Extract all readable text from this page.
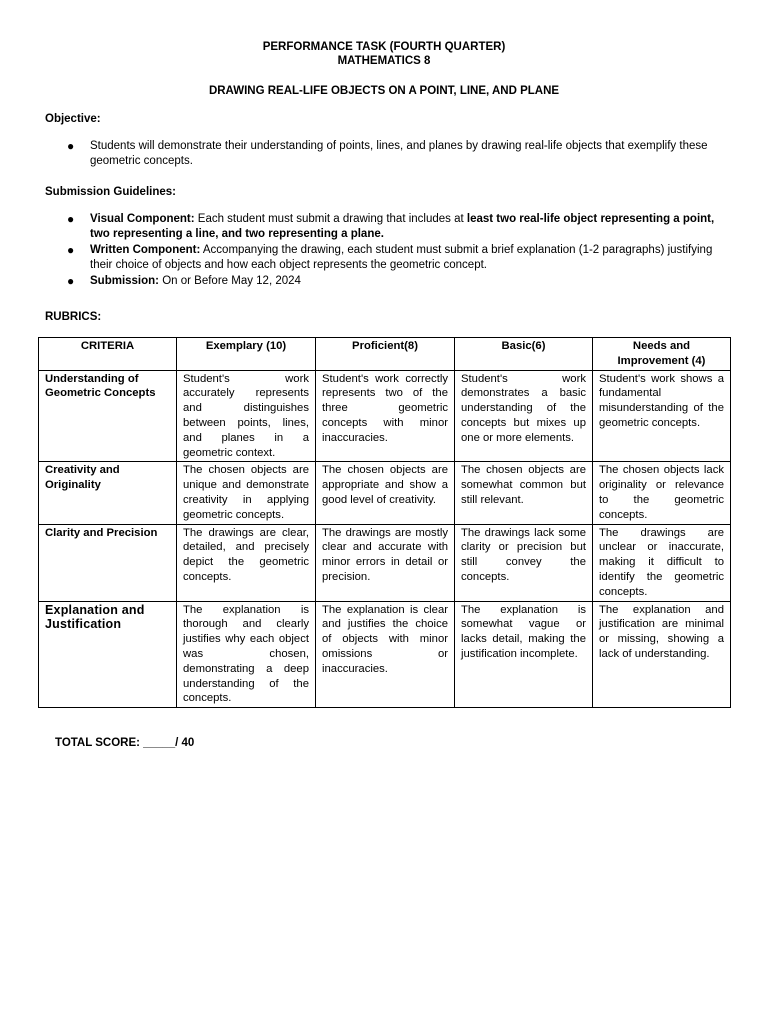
PERFORMANCE TASK (FOURTH QUARTER)
MATHEMATICS 8
DRAWING REAL-LIFE OBJECTS ON A POINT, LINE, AND PLANE
Objective:
● Students will demonstrate their understanding of points, lines, and planes by drawing real-life objects that exemplify these geometric concepts.
Submission Guidelines:
● Visual Component: Each student must submit a drawing that includes at least two real-life object representing a point, two representing a line, and two representing a plane.
● Written Component: Accompanying the drawing, each student must submit a brief explanation (1-2 paragraphs) justifying their choice of objects and how each object represents the geometric concept.
● Submission: On or Before May 12, 2024
RUBRICS:
CRITERIA	Exemplary (10)	Proficient(8)	Basic(6)	Needs and Improvement (4)
Understanding of Geometric Concepts	Student's work accurately represents and distinguishes between points, lines, and planes in a geometric context.	Student's work correctly represents two of the three geometric concepts with minor inaccuracies.	Student's work demonstrates a basic understanding of the concepts but mixes up one or more elements.	Student's work shows a fundamental misunderstanding of the geometric concepts.
Creativity and Originality	The chosen objects are unique and demonstrate creativity in applying geometric concepts.	The chosen objects are appropriate and show a good level of creativity.	The chosen objects are somewhat common but still relevant.	The chosen objects lack originality or relevance to the geometric concepts.
Clarity and Precision	The drawings are clear, detailed, and precisely depict the geometric concepts.	The drawings are mostly clear and accurate with minor errors in detail or precision.	The drawings lack some clarity or precision but still convey the concepts.	The drawings are unclear or inaccurate, making it difficult to identify the geometric concepts.
Explanation and Justification	The explanation is thorough and clearly justifies why each object was chosen, demonstrating a deep understanding of the concepts.	The explanation is clear and justifies the choice of objects with minor omissions or inaccuracies.	The explanation is somewhat vague or lacks detail, making the justification incomplete.	The explanation and justification are minimal or missing, showing a lack of understanding.
TOTAL SCORE: _____/ 40
